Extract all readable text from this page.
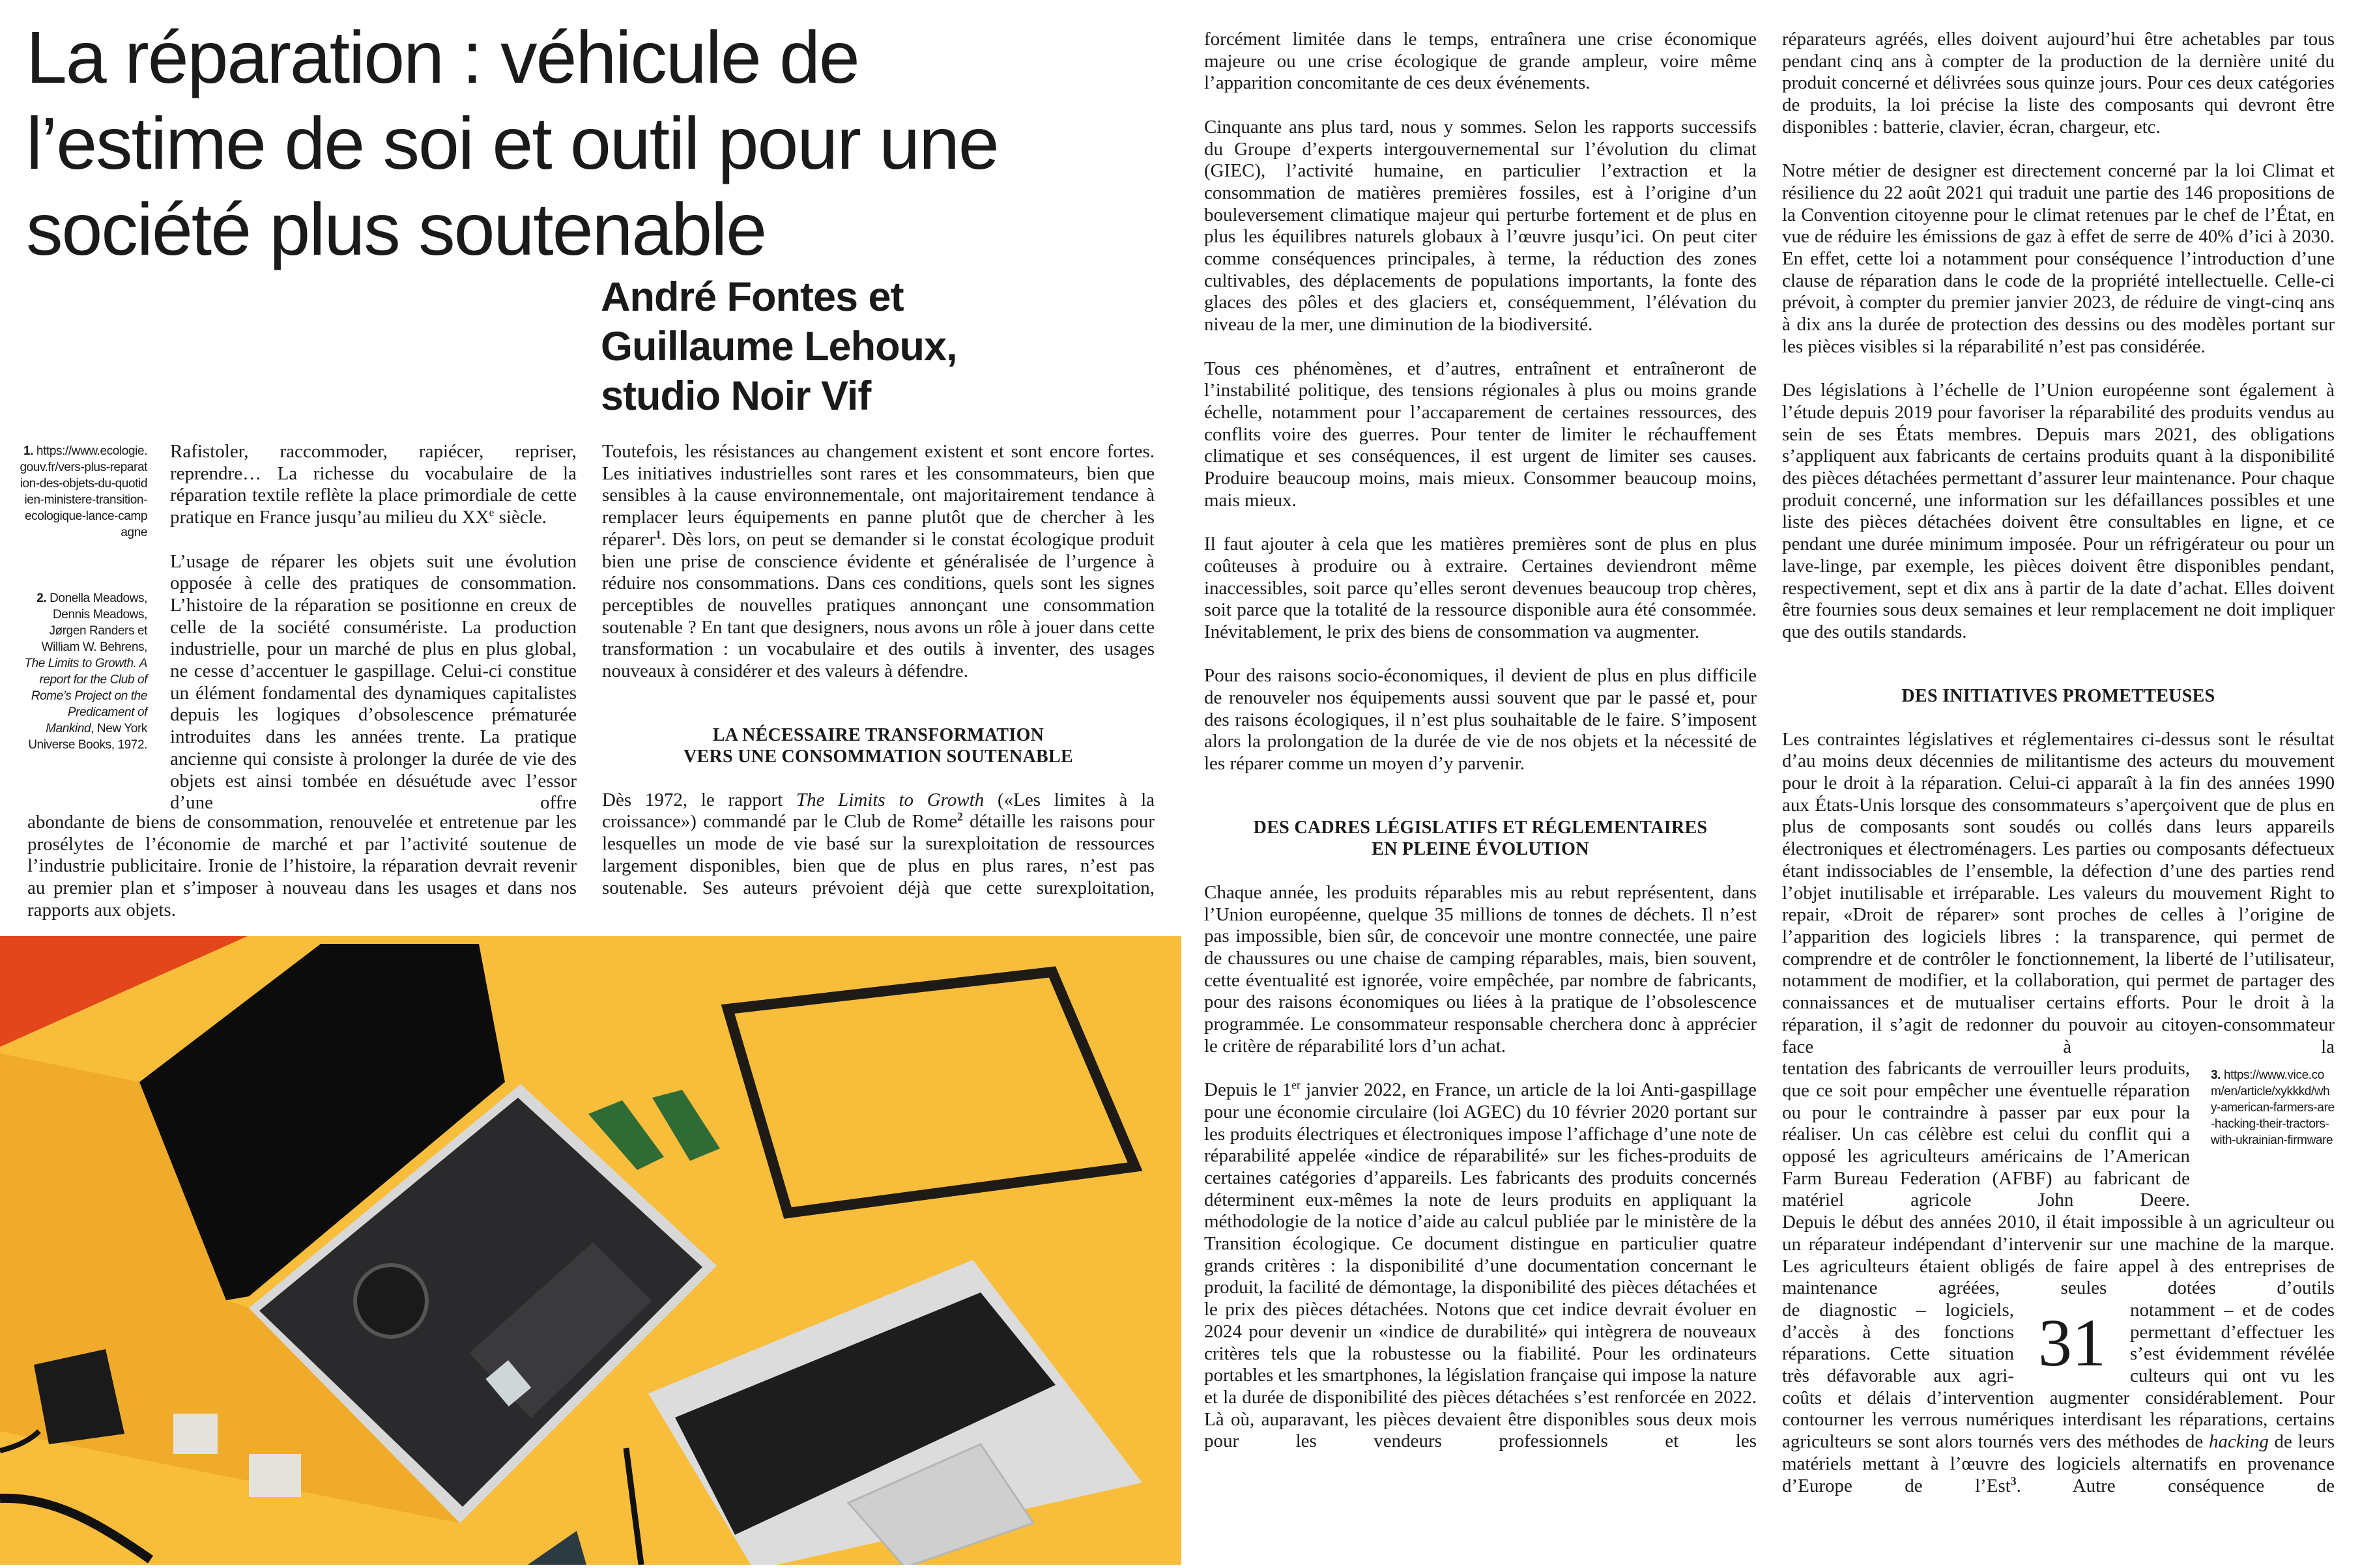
La réparation : véhicule de
l’estime de soi et outil pour une
société plus soutenable
André Fontes et
Guillaume Lehoux,
studio Noir Vif
1. https://www.ecologie.gouv.fr/vers-plus-reparation-des-objets-du-quotidien-ministere-transition-ecologique-lance-campagne
2. Donella Meadows, Dennis Meadows, Jørgen Randers et William W. Behrens, The Limits to Growth. A report for the Club of Rome’s Project on the Predicament of Mankind, New York Universe Books, 1972.

Rafistoler, raccommoder, rapiécer, repriser, reprendre… La richesse du vocabulaire de la réparation textile reflète la place primordiale de cette pratique en France jusqu’au milieu du XXe siècle.

L’usage de réparer les objets suit une évolution opposée à celle des pratiques de consommation. L’histoire de la réparation se positionne en creux de celle de la société consumériste. La production industrielle, pour un marché de plus en plus global, ne cesse d’accentuer le gaspillage. Celui-ci constitue un élément fondamental des dynamiques capitalistes depuis les logiques d’obsolescence prématurée introduites dans les années trente. La pratique ancienne qui consiste à prolonger la durée de vie des objets est ainsi tombée en désuétude avec l’essor d’une offre

abondante de biens de consommation, renouvelée et entretenue par les prosélytes de l’économie de marché et par l’activité soutenue de l’industrie publicitaire. Ironie de l’histoire, la réparation devrait revenir au premier plan et s’imposer à nouveau dans les usages et dans nos rapports aux objets.

Toutefois, les résistances au changement existent et sont encore fortes. Les initiatives industrielles sont rares et les consommateurs, bien que sensibles à la cause environnementale, ont majoritairement tendance à remplacer leurs équipements en panne plutôt que de chercher à les réparer$^1$. Dès lors, on peut se demander si le constat écologique produit bien une prise de conscience évidente et généralisée de l’urgence à réduire nos consommations. Dans ces conditions, quels sont les signes perceptibles de nouvelles pratiques annonçant une consommation soutenable ? En tant que designers, nous avons un rôle à jouer dans cette transformation : un vocabulaire et des outils à inventer, des usages nouveaux à considérer et des valeurs à défendre.

LA NÉCESSAIRE TRANSFORMATION
VERS UNE CONSOMMATION SOUTENABLE

Dès 1972, le rapport The Limits to Growth («Les limites à la croissance») commandé par le Club de Rome$^2$ détaille les raisons pour lesquelles un mode de vie basé sur la surexploitation de ressources largement disponibles, bien que de plus en plus rares, n’est pas soutenable. Ses auteurs prévoient déjà que cette surexploitation,

forcément limitée dans le temps, entraînera une crise économique majeure ou une crise écologique de grande ampleur, voire même l’apparition concomitante de ces deux événements.

Cinquante ans plus tard, nous y sommes. Selon les rapports successifs du Groupe d’experts intergouvernemental sur l’évolution du climat (GIEC), l’activité humaine, en particulier l’extraction et la consommation de matières premières fossiles, est à l’origine d’un bouleversement climatique majeur qui perturbe fortement et de plus en plus les équilibres naturels globaux à l’œuvre jusqu’ici. On peut citer comme conséquences principales, à terme, la réduction des zones cultivables, des déplacements de populations importants, la fonte des glaces des pôles et des glaciers et, conséquemment, l’élévation du niveau de la mer, une diminution de la biodiversité.

Tous ces phénomènes, et d’autres, entraînent et entraîneront de l’instabilité politique, des tensions régionales à plus ou moins grande échelle, notamment pour l’accaparement de certaines ressources, des conflits voire des guerres. Pour tenter de limiter le réchauffement climatique et ses conséquences, il est urgent de limiter ses causes. Produire beaucoup moins, mais mieux. Consommer beaucoup moins, mais mieux.

Il faut ajouter à cela que les matières premières sont de plus en plus coûteuses à produire ou à extraire. Certaines deviendront même inaccessibles, soit parce qu’elles seront devenues beaucoup trop chères, soit parce que la totalité de la ressource disponible aura été consommée. Inévitablement, le prix des biens de consommation va augmenter.

Pour des raisons socio-économiques, il devient de plus en plus difficile de renouveler nos équipements aussi souvent que par le passé et, pour des raisons écologiques, il n’est plus souhaitable de le faire. S’imposent alors la prolongation de la durée de vie de nos objets et la nécessité de les réparer comme un moyen d’y parvenir.

DES CADRES LÉGISLATIFS ET RÉGLEMENTAIRES
EN PLEINE ÉVOLUTION

Chaque année, les produits réparables mis au rebut représentent, dans l’Union européenne, quelque 35 millions de tonnes de déchets. Il n’est pas impossible, bien sûr, de concevoir une montre connectée, une paire de chaussures ou une chaise de camping réparables, mais, bien souvent, cette éventualité est ignorée, voire empêchée, par nombre de fabricants, pour des raisons économiques ou liées à la pratique de l’obsolescence programmée. Le consommateur responsable cherchera donc à apprécier le critère de réparabilité lors d’un achat.

Depuis le 1er janvier 2022, en France, un article de la loi Anti-gaspillage pour une économie circulaire (loi AGEC) du 10 février 2020 portant sur les produits électriques et électroniques impose l’affichage d’une note de réparabilité appelée «indice de réparabilité» sur les fiches-produits de certaines catégories d’appareils. Les fabricants des produits concernés déterminent eux-mêmes la note de leurs produits en appliquant la méthodologie de la notice d’aide au calcul publiée par le ministère de la Transition écologique. Ce document distingue en particulier quatre grands critères : la disponibilité d’une documentation concernant le produit, la facilité de démontage, la disponibilité des pièces détachées et le prix des pièces détachées. Notons que cet indice devrait évoluer en 2024 pour devenir un «indice de durabilité» qui intègrera de nouveaux critères tels que la robustesse ou la fiabilité. Pour les ordinateurs portables et les smartphones, la législation française qui impose la nature et la durée de disponibilité des pièces détachées s’est renforcée en 2022. Là où, auparavant, les pièces devaient être disponibles sous deux mois pour les vendeurs professionnels et les

réparateurs agréés, elles doivent aujourd’hui être achetables par tous pendant cinq ans à compter de la production de la dernière unité du produit concerné et délivrées sous quinze jours. Pour ces deux catégories de produits, la loi précise la liste des composants qui devront être disponibles : batterie, clavier, écran, chargeur, etc.

Notre métier de designer est directement concerné par la loi Climat et résilience du 22 août 2021 qui traduit une partie des 146 propositions de la Convention citoyenne pour le climat retenues par le chef de l’État, en vue de réduire les émissions de gaz à effet de serre de 40% d’ici à 2030. En effet, cette loi a notamment pour conséquence l’introduction d’une clause de réparation dans le code de la propriété intellectuelle. Celle-ci prévoit, à compter du premier janvier 2023, de réduire de vingt-cinq ans à dix ans la durée de protection des dessins ou des modèles portant sur les pièces visibles si la réparabilité n’est pas considérée.

Des législations à l’échelle de l’Union européenne sont également à l’étude depuis 2019 pour favoriser la réparabilité des produits vendus au sein de ses États membres. Depuis mars 2021, des obligations s’appliquent aux fabricants de certains produits quant à la disponibilité des pièces détachées permettant d’assurer leur maintenance. Pour chaque produit concerné, une information sur les défaillances possibles et une liste des pièces détachées doivent être consultables en ligne, et ce pendant une durée minimum imposée. Pour un réfrigérateur ou pour un lave-linge, par exemple, les pièces doivent être disponibles pendant, respectivement, sept et dix ans à partir de la date d’achat. Elles doivent être fournies sous deux semaines et leur remplacement ne doit impliquer que des outils standards.

DES INITIATIVES PROMETTEUSES

Les contraintes législatives et réglementaires ci-dessus sont le résultat d’au moins deux décennies de militantisme des acteurs du mouvement pour le droit à la réparation. Celui-ci apparaît à la fin des années 1990 aux États-Unis lorsque des consommateurs s’aperçoivent que de plus en plus de composants sont soudés ou collés dans leurs appareils électroniques et électroménagers. Les parties ou composants défectueux étant indissociables de l’ensemble, la défection d’une des parties rend l’objet inutilisable et irréparable. Les valeurs du mouvement Right to repair, «Droit de réparer» sont proches de celles à l’origine de l’apparition des logiciels libres : la transparence, qui permet de comprendre et de contrôler le fonctionnement, la liberté de l’utilisateur, notamment de modifier, et la collaboration, qui permet de partager des connaissances et de mutualiser certains efforts. Pour le droit à la réparation, il s’agit de redonner du pouvoir au citoyen-consommateur face à la

tentation des fabricants de verrouiller leurs produits, que ce soit pour empêcher une éventuelle réparation ou pour le contraindre à passer par eux pour la réaliser. Un cas célèbre est celui du conflit qui a opposé les agriculteurs américains de l’American Farm Bureau Federation (AFBF) au fabricant de matériel agricole John Deere.

3. https://www.vice.com/en/article/xykkkd/why-american-farmers-are-hacking-their-tractors-with-ukrainian-firmware

Depuis le début des années 2010, il était impossible à un agriculteur ou un réparateur indépendant d’intervenir sur une machine de la marque. Les agriculteurs étaient obligés de faire appel à des entreprises de maintenance agréées, seules dotées d’outils

de diagnostic – logiciels, d’accès à des fonctions réparations. Cette situation très défavorable aux agri- 31 notamment – et de codes permettant d’effectuer les s’est évidemment révélée culteurs qui ont vu les

coûts et délais d’intervention augmenter considérablement. Pour contourner les verrous numériques interdisant les réparations, certains agriculteurs se sont alors tournés vers des méthodes de hacking de leurs matériels mettant à l’œuvre des logiciels alternatifs en provenance d’Europe de l’Est$^3$. Autre conséquence de
